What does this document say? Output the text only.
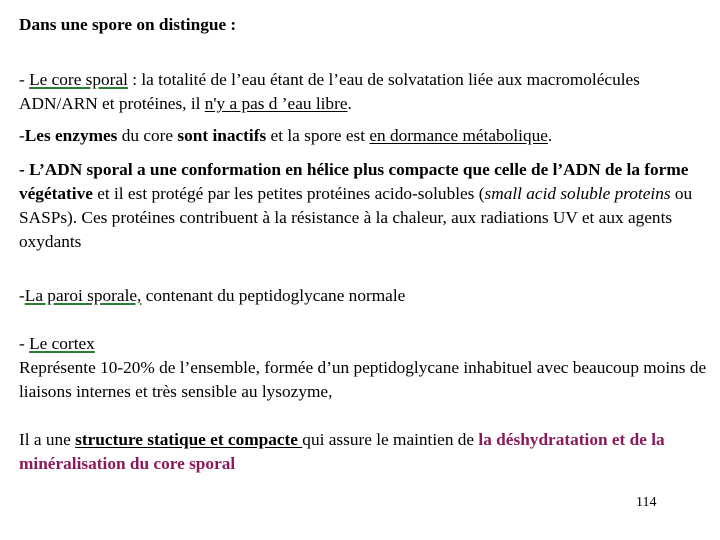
Dans une spore on distingue :

- Le core sporal : la totalité de l’eau étant de l’eau de solvatation liée aux macromolécules ADN/ARN et protéines, il n'y a pas d ’eau libre.

-Les enzymes du core sont inactifs et la spore est en dormance métabolique.

- L’ADN sporal a une conformation en hélice plus compacte que celle de l’ADN de la forme végétative et il est protégé par les petites protéines acido-solubles (small acid soluble proteins ou SASPs). Ces protéines contribuent à la résistance à la chaleur, aux radiations UV et aux agents oxydants

-La paroi sporale, contenant du peptidoglycane normale

- Le cortex

Représente 10-20% de l’ensemble, formée d’un peptidoglycane inhabituel avec beaucoup moins de liaisons internes et très sensible au lysozyme,

Il a une structure statique et compacte qui assure le maintien de la déshydratation et de la minéralisation du core sporal

114
